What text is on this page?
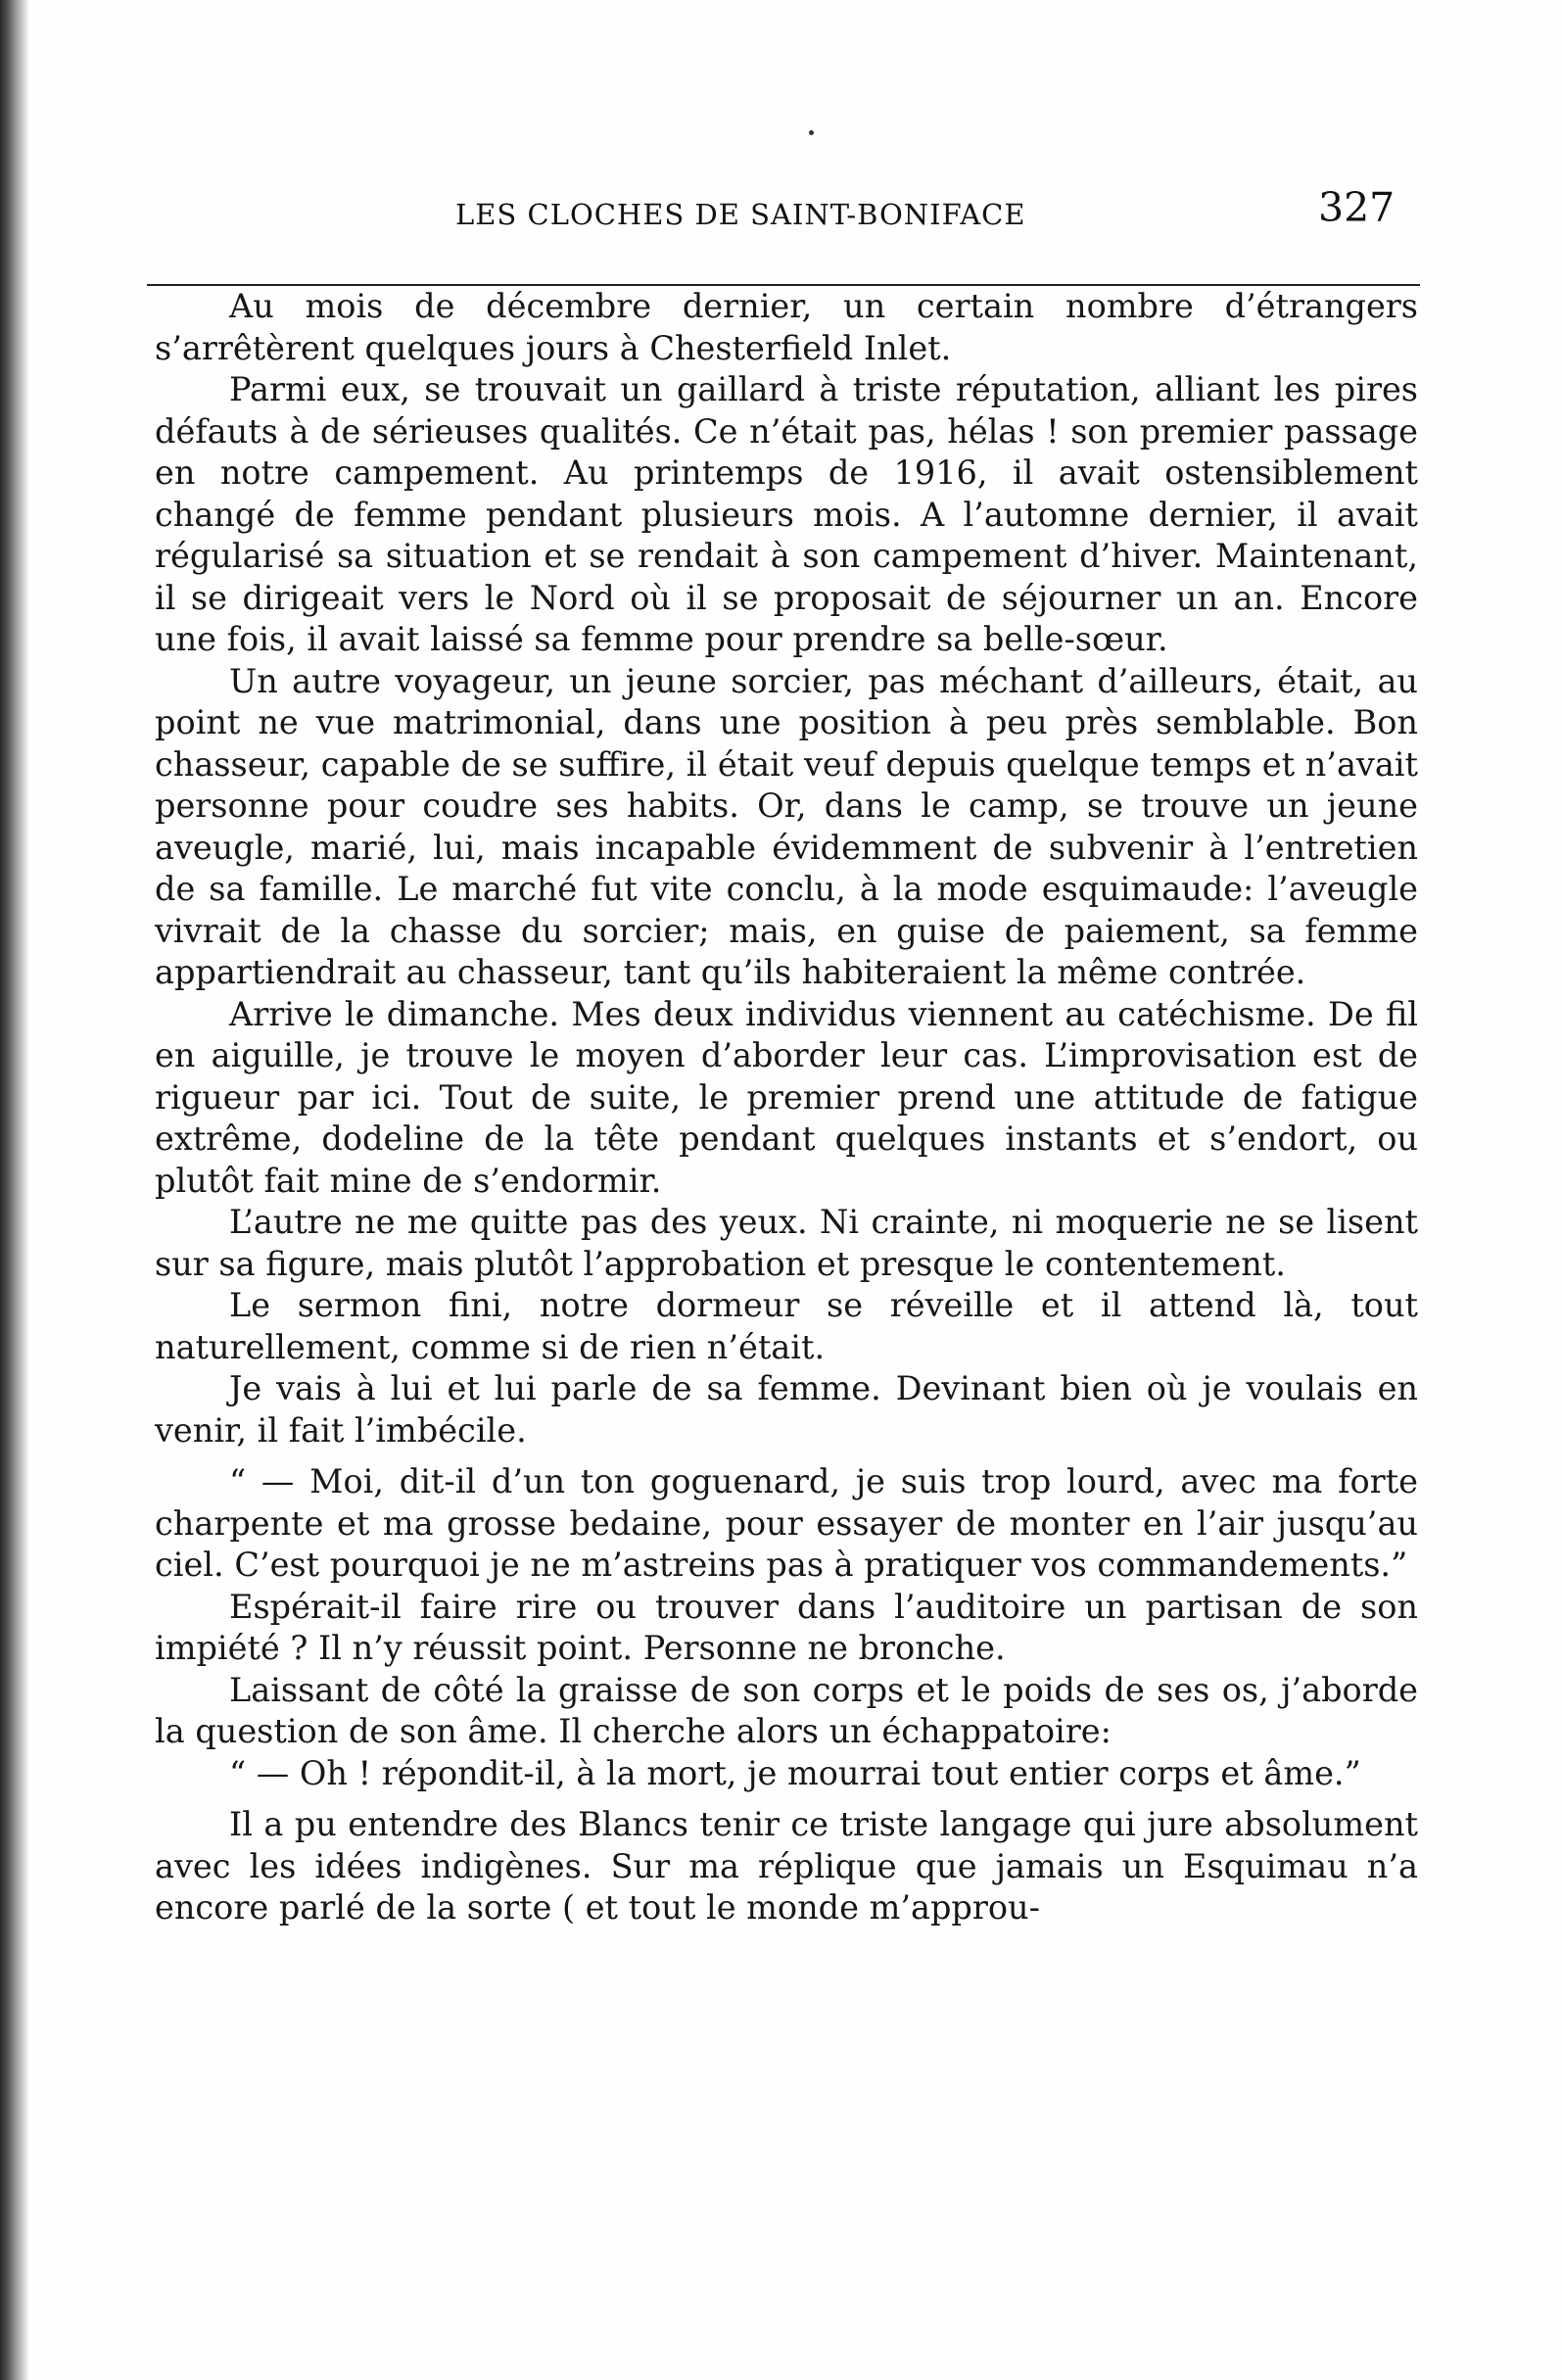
LES CLOCHES DE SAINT-BONIFACE	327

Au mois de décembre dernier, un certain nombre d’étrangers s’arrêtèrent quelques jours à Chesterfield Inlet.

Parmi eux, se trouvait un gaillard à triste réputation, alliant les pires défauts à de sérieuses qualités. Ce n’était pas, hélas ! son premier passage en notre campement. Au printemps de 1916, il avait ostensiblement changé de femme pendant plusieurs mois. A l’automne dernier, il avait régularisé sa situation et se rendait à son campement d’hiver. Maintenant, il se dirigeait vers le Nord où il se proposait de séjourner un an. Encore une fois, il avait laissé sa femme pour prendre sa belle-sœur.

Un autre voyageur, un jeune sorcier, pas méchant d’ailleurs, était, au point ne vue matrimonial, dans une position à peu près semblable. Bon chasseur, capable de se suffire, il était veuf depuis quelque temps et n’avait personne pour coudre ses habits. Or, dans le camp, se trouve un jeune aveugle, marié, lui, mais incapable évidemment de subvenir à l’entretien de sa famille. Le marché fut vite conclu, à la mode esquimaude: l’aveugle vivrait de la chasse du sorcier; mais, en guise de paiement, sa femme appartiendrait au chasseur, tant qu’ils habiteraient la même contrée.

Arrive le dimanche. Mes deux individus viennent au catéchisme. De fil en aiguille, je trouve le moyen d’aborder leur cas. L’improvisation est de rigueur par ici. Tout de suite, le premier prend une attitude de fatigue extrême, dodeline de la tête pendant quelques instants et s’endort, ou plutôt fait mine de s’endormir.

L’autre ne me quitte pas des yeux. Ni crainte, ni moquerie ne se lisent sur sa figure, mais plutôt l’approbation et presque le contentement.

Le sermon fini, notre dormeur se réveille et il attend là, tout naturellement, comme si de rien n’était.

Je vais à lui et lui parle de sa femme. Devinant bien où je voulais en venir, il fait l’imbécile.

“ — Moi, dit-il d’un ton goguenard, je suis trop lourd, avec ma forte charpente et ma grosse bedaine, pour essayer de monter en l’air jusqu’au ciel. C’est pourquoi je ne m’astreins pas à pratiquer vos commandements.”

Espérait-il faire rire ou trouver dans l’auditoire un partisan de son impiété ? Il n’y réussit point. Personne ne bronche.

Laissant de côté la graisse de son corps et le poids de ses os, j’aborde la question de son âme. Il cherche alors un échappatoire:

“ — Oh ! répondit-il, à la mort, je mourrai tout entier corps et âme.”

Il a pu entendre des Blancs tenir ce triste langage qui jure absolument avec les idées indigènes. Sur ma réplique que jamais un Esquimau n’a encore parlé de la sorte ( et tout le monde m’approu-
